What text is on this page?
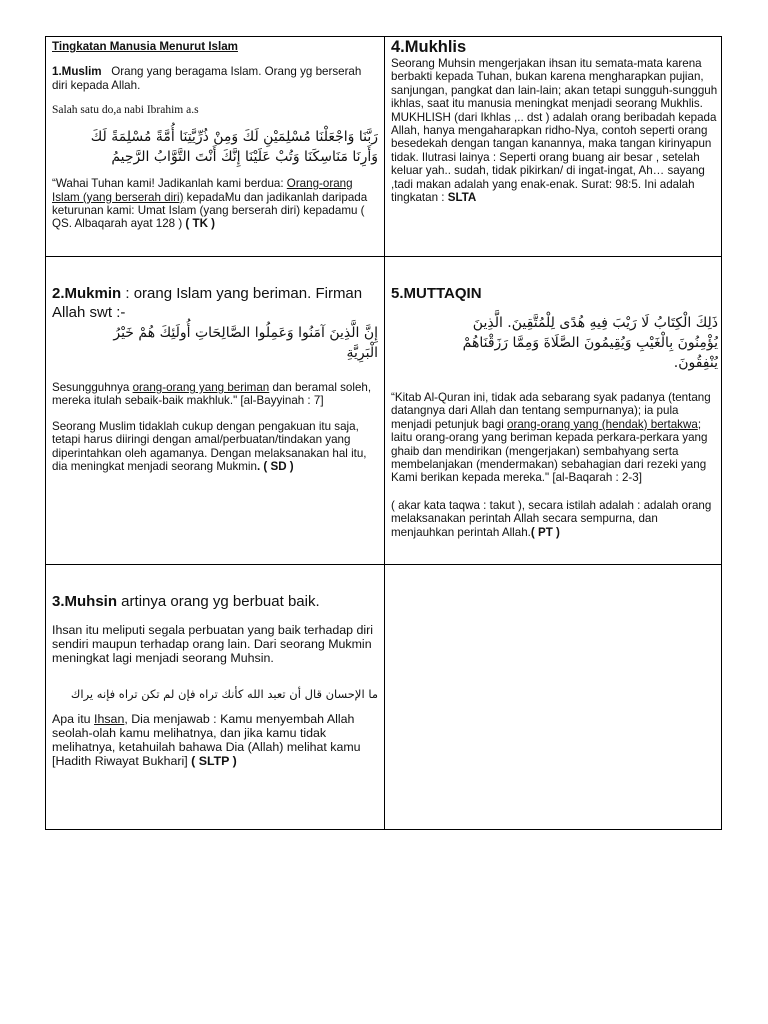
Tingkatan Manusia Menurut Islam

1.Muslim Orang yang beragama Islam. Orang yg berserah diri kepada Allah.

Salah satu do,a nabi Ibrahim a.s

رَبَّنَا وَاجْعَلْنَا مُسْلِمَيْنِ لَكَ وَمِنْ ذُرِّيَّتِنَا أُمَّةً مُسْلِمَةً لَكَ

وَأَرِنَا مَنَاسِكَنَا وَتُبْ عَلَيْنَا إِنَّكَ أَنْتَ التَّوَّابُ الرَّحِيمُ

“Wahai Tuhan kami! Jadikanlah kami berdua: Orang-orang Islam (yang berserah diri) kepadaMu dan jadikanlah daripada keturunan kami: Umat Islam (yang berserah diri) kepadamu ( QS. Albaqarah ayat 128 ) ( TK )

4.Mukhlis

Seorang Muhsin mengerjakan ihsan itu semata-mata karena berbakti kepada Tuhan, bukan karena mengharapkan pujian, sanjungan, pangkat dan lain-lain; akan tetapi sungguh-sungguh ikhlas, saat itu manusia meningkat menjadi seorang Mukhlis. MUKHLISH (dari Ikhlas ,.. dst ) adalah orang beribadah kepada Allah, hanya mengaharapkan ridho-Nya, contoh seperti orang besedekah dengan tangan kanannya, maka tangan kirinyapun tidak. Ilutrasi lainya : Seperti orang buang air besar , setelah keluar yah.. sudah, tidak pikirkan/ di ingat-ingat, Ah… sayang ,tadi makan adalah yang enak-enak. Surat: 98:5. Ini adalah tingkatan : SLTA

2.Mukmin : orang Islam yang beriman. Firman Allah swt :-

إِنَّ الَّذِينَ آمَنُوا وَعَمِلُوا الصَّالِحَاتِ أُولَئِكَ هُمْ خَيْرُ

الْبَرِيَّةِ

Sesungguhnya orang-orang yang beriman dan beramal soleh, mereka itulah sebaik-baik makhluk." [al-Bayyinah : 7]

Seorang Muslim tidaklah cukup dengan pengakuan itu saja, tetapi harus diiringi dengan amal/perbuatan/tindakan yang diperintahkan oleh agamanya. Dengan melaksanakan hal itu, dia meningkat menjadi seorang Mukmin. ( SD )

5.MUTTAQIN

ذَلِكَ الْكِتَابُ لَا رَيْبَ فِيهِ هُدًى لِلْمُتَّقِينَ. الَّذِينَ

يُؤْمِنُونَ بِالْغَيْبِ وَيُقِيمُونَ الصَّلَاةَ وَمِمَّا رَزَقْنَاهُمْ

يُنْفِقُونَ.

“Kitab Al-Quran ini, tidak ada sebarang syak padanya (tentang datangnya dari Allah dan tentang sempurnanya); ia pula menjadi petunjuk bagi orang-orang yang (hendak) bertakwa; laitu orang-orang yang beriman kepada perkara-perkara yang ghaib dan mendirikan (mengerjakan) sembahyang serta membelanjakan (mendermakan) sebahagian dari rezeki yang Kami berikan kepada mereka." [al-Baqarah : 2-3]

( akar kata taqwa : takut ), secara istilah adalah : adalah orang melaksanakan perintah Allah secara sempurna, dan menjauhkan perintah Allah.( PT )

3.Muhsin artinya orang yg berbuat baik.

Ihsan itu meliputi segala perbuatan yang baik terhadap diri sendiri maupun terhadap orang lain. Dari seorang Mukmin meningkat lagi menjadi seorang Muhsin.

ما الإحسان قال أن تعبد الله كأنك تراه فإن لم تكن تراه فإنه يراك

Apa itu Ihsan, Dia menjawab : Kamu menyembah Allah seolah-olah kamu melihatnya, dan jika kamu tidak melihatnya, ketahuilah bahawa Dia (Allah) melihat kamu [Hadith Riwayat Bukhari] ( SLTP )
